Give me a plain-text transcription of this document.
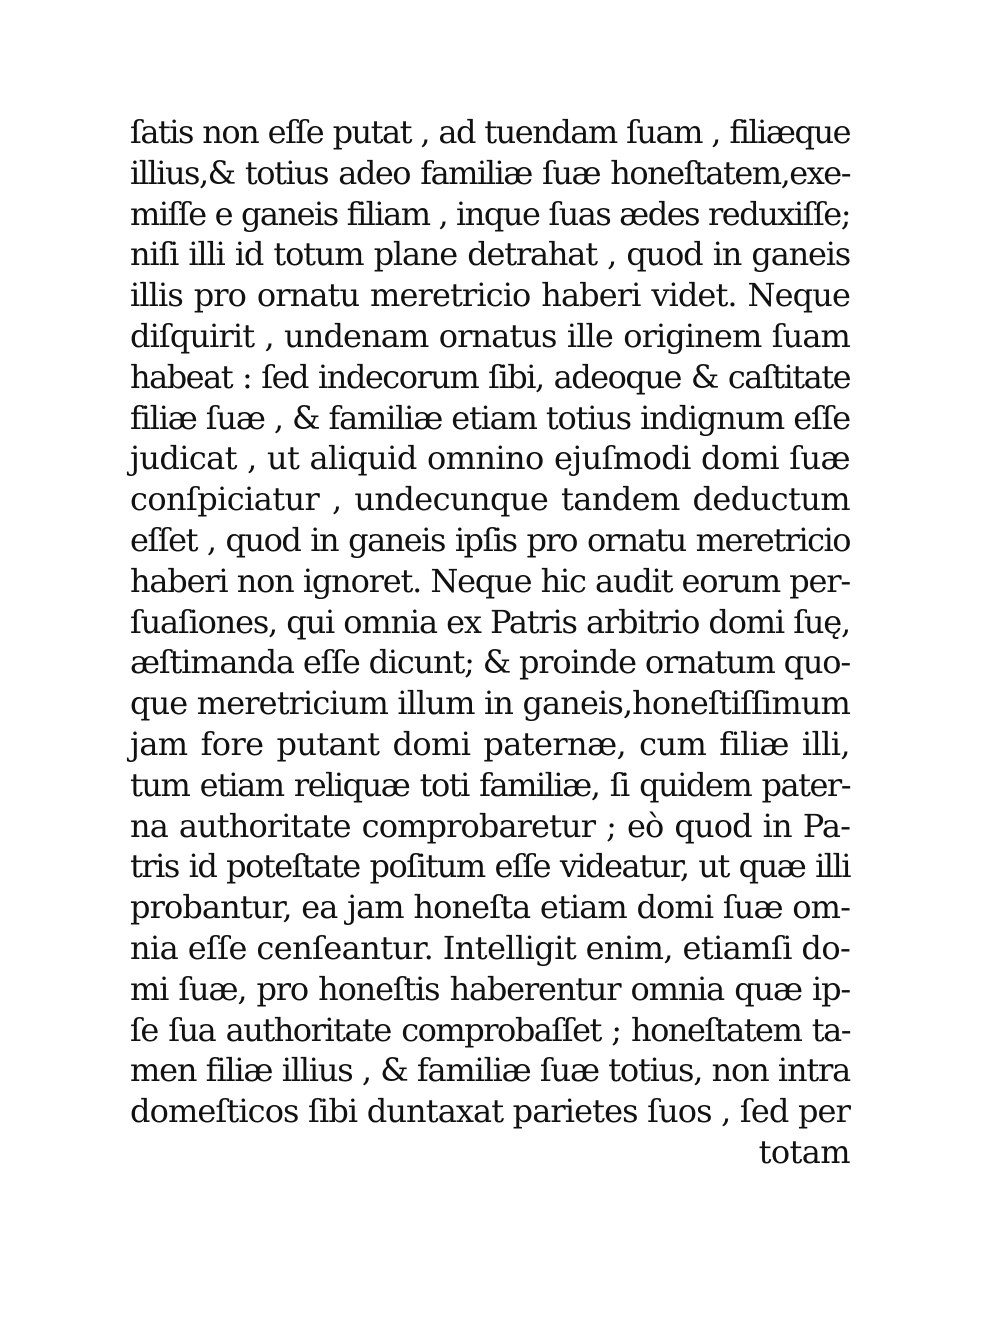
ſatis non eſſe putat , ad tuendam ſuam , filiæque
illius,& totius adeo familiæ ſuæ honeſtatem,exe-
miſſe e ganeis filiam , inque ſuas ædes reduxiſſe;
niſi illi id totum plane detrahat , quod in ganeis
illis pro ornatu meretricio haberi videt. Neque
diſquirit , undenam ornatus ille originem ſuam
habeat : ſed indecorum ſibi, adeoque & caſtitate
filiæ ſuæ , & familiæ etiam totius indignum eſſe
judicat , ut aliquid omnino ejuſmodi domi ſuæ
conſpiciatur , undecunque tandem deductum
eſſet , quod in ganeis ipſis pro ornatu meretricio
haberi non ignoret. Neque hic audit eorum per-
ſuaſiones, qui omnia ex Patris arbitrio domi ſuę,
æſtimanda eſſe dicunt; & proinde ornatum quo-
que meretricium illum in ganeis,honeſtiſſimum
jam fore putant domi paternæ, cum filiæ illi,
tum etiam reliquæ toti familiæ, ſi quidem pater-
na authoritate comprobaretur ; eò quod in Pa-
tris id poteſtate poſitum eſſe videatur, ut quæ illi
probantur, ea jam honeſta etiam domi ſuæ om-
nia eſſe cenſeantur. Intelligit enim, etiamſi do-
mi ſuæ, pro honeſtis haberentur omnia quæ ip-
ſe ſua authoritate comprobaſſet ; honeſtatem ta-
men filiæ illius , & familiæ ſuæ totius, non intra
domeſticos ſibi duntaxat parietes ſuos , ſed per
totam
